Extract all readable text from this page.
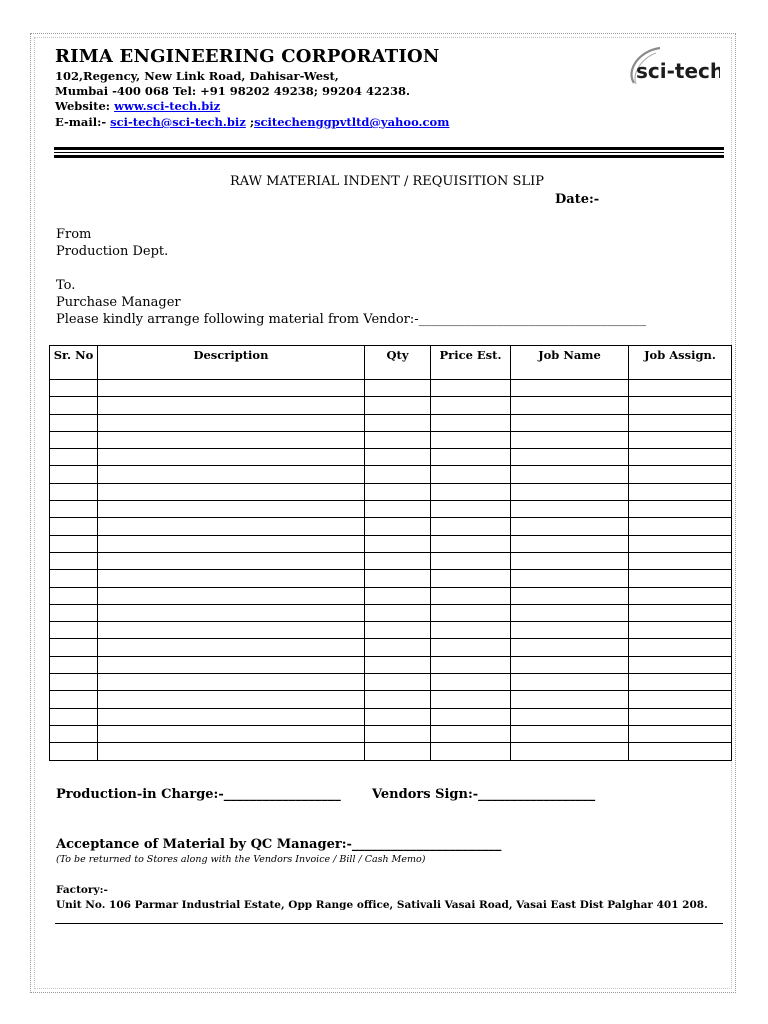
RIMA ENGINEERING CORPORATION
102,Regency, New Link Road, Dahisar-West,
Mumbai -400 068 Tel: +91 98202 49238; 99204 42238.
Website: www.sci-tech.biz
E-mail:- sci-tech@sci-tech.biz ;scitechenggpvtltd@yahoo.com
sci-tech
RAW MATERIAL INDENT / REQUISITION SLIP
Date:-
From
Production Dept.
To.
Purchase Manager
Please kindly arrange following material from Vendor:-___________________________________
Sr. No	Description	Qty	Price Est.	Job Name	Job Assign.

Production-in Charge:-__________________ Vendors Sign:-__________________
Acceptance of Material by QC Manager:-_______________________
(To be returned to Stores along with the Vendors Invoice / Bill / Cash Memo)
Factory:-
Unit No. 106 Parmar Industrial Estate, Opp Range office, Sativali Vasai Road, Vasai East Dist Palghar 401 208.
